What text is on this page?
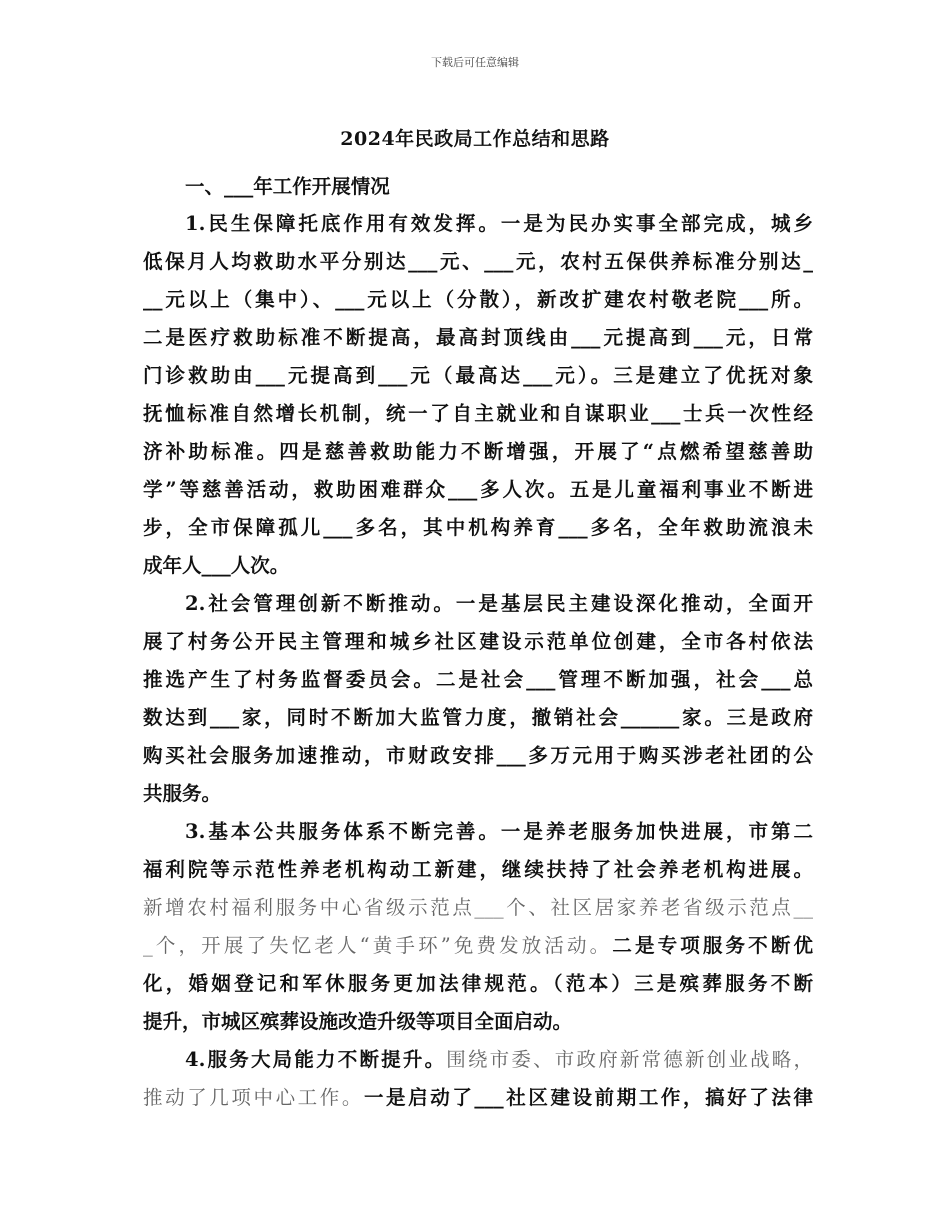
下载后可任意编辑
2024年民政局工作总结和思路
一、___年工作开展情况
1.民生保障托底作用有效发挥。一是为民办实事全部完成，城乡
低保月人均救助水平分别达___元、___元，农村五保供养标准分别达_
__元以上（集中）、___元以上（分散），新改扩建农村敬老院___所。
二是医疗救助标准不断提高，最高封顶线由___元提高到___元，日常
门诊救助由___元提高到___元（最高达___元）。三是建立了优抚对象
抚恤标准自然增长机制，统一了自主就业和自谋职业___士兵一次性经
济补助标准。四是慈善救助能力不断增强，开展了“点燃希望慈善助
学”等慈善活动，救助困难群众___多人次。五是儿童福利事业不断进
步，全市保障孤儿___多名，其中机构养育___多名，全年救助流浪未
成年人___人次。
2.社会管理创新不断推动。一是基层民主建设深化推动，全面开
展了村务公开民主管理和城乡社区建设示范单位创建，全市各村依法
推选产生了村务监督委员会。二是社会___管理不断加强，社会___总
数达到___家，同时不断加大监管力度，撤销社会______家。三是政府
购买社会服务加速推动，市财政安排___多万元用于购买涉老社团的公
共服务。
3.基本公共服务体系不断完善。一是养老服务加快进展，市第二
福利院等示范性养老机构动工新建，继续扶持了社会养老机构进展。
新增农村福利服务中心省级示范点___个、社区居家养老省级示范点__
_个，开展了失忆老人“黄手环”免费发放活动。二是专项服务不断优
化，婚姻登记和军休服务更加法律规范。（范本）三是殡葬服务不断
提升，市城区殡葬设施改造升级等项目全面启动。
4.服务大局能力不断提升。围绕市委、市政府新常德新创业战略，
推动了几项中心工作。一是启动了___社区建设前期工作，搞好了法律
